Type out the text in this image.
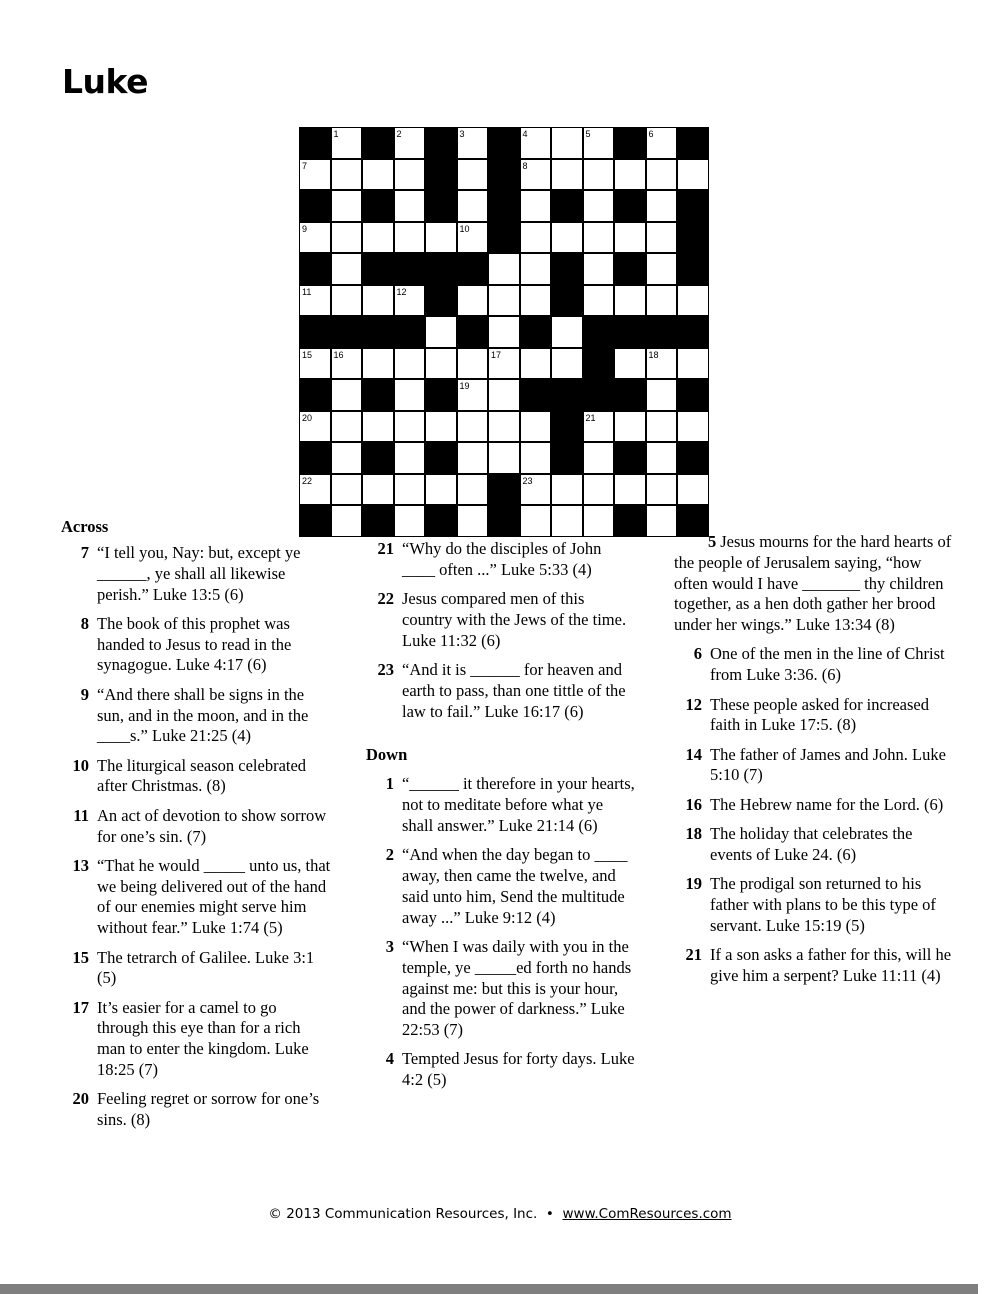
Luke
1	2	3	4	5	6
7	8
9	10
11	12	13
14
15 16	17	18
19
20	21
22	23
Across
7 “I tell you, Nay: but, except ye ______, ye shall all likewise perish.” Luke 13:5 (6)
8 The book of this prophet was handed to Jesus to read in the synagogue. Luke 4:17 (6)
9 “And there shall be signs in the sun, and in the moon, and in the ____s.” Luke 21:25 (4)
10 The liturgical season celebrated after Christmas. (8)
11 An act of devotion to show sorrow for one’s sin. (7)
13 “That he would _____ unto us, that we being delivered out of the hand of our enemies might serve him without fear.” Luke 1:74 (5)
15 The tetrarch of Galilee. Luke 3:1 (5)
17 It’s easier for a camel to go through this eye than for a rich man to enter the kingdom. Luke 18:25 (7)
20 Feeling regret or sorrow for one’s sins. (8)
21 “Why do the disciples of John ____ often ...” Luke 5:33 (4)
22 Jesus compared men of this country with the Jews of the time. Luke 11:32 (6)
23 “And it is ______ for heaven and earth to pass, than one tittle of the law to fail.” Luke 16:17 (6)
Down
1 “______ it therefore in your hearts, not to meditate before what ye shall answer.” Luke 21:14 (6)
2 “And when the day began to ____ away, then came the twelve, and said unto him, Send the multitude away ...” Luke 9:12 (4)
3 “When I was daily with you in the temple, ye _____ed forth no hands against me: but this is your hour, and the power of darkness.” Luke 22:53 (7)
4 Tempted Jesus for forty days. Luke 4:2 (5)
5 Jesus mourns for the hard hearts of the people of Jerusalem saying, “how often would I have _______ thy children together, as a hen doth gather her brood under her wings.” Luke 13:34 (8)
6 One of the men in the line of Christ from Luke 3:36. (6)
12 These people asked for increased faith in Luke 17:5. (8)
14 The father of James and John. Luke 5:10 (7)
16 The Hebrew name for the Lord. (6)
18 The holiday that celebrates the events of Luke 24. (6)
19 The prodigal son returned to his father with plans to be this type of servant. Luke 15:19 (5)
21 If a son asks a father for this, will he give him a serpent? Luke 11:11 (4)
© 2013 Communication Resources, Inc. • www.ComResources.com
